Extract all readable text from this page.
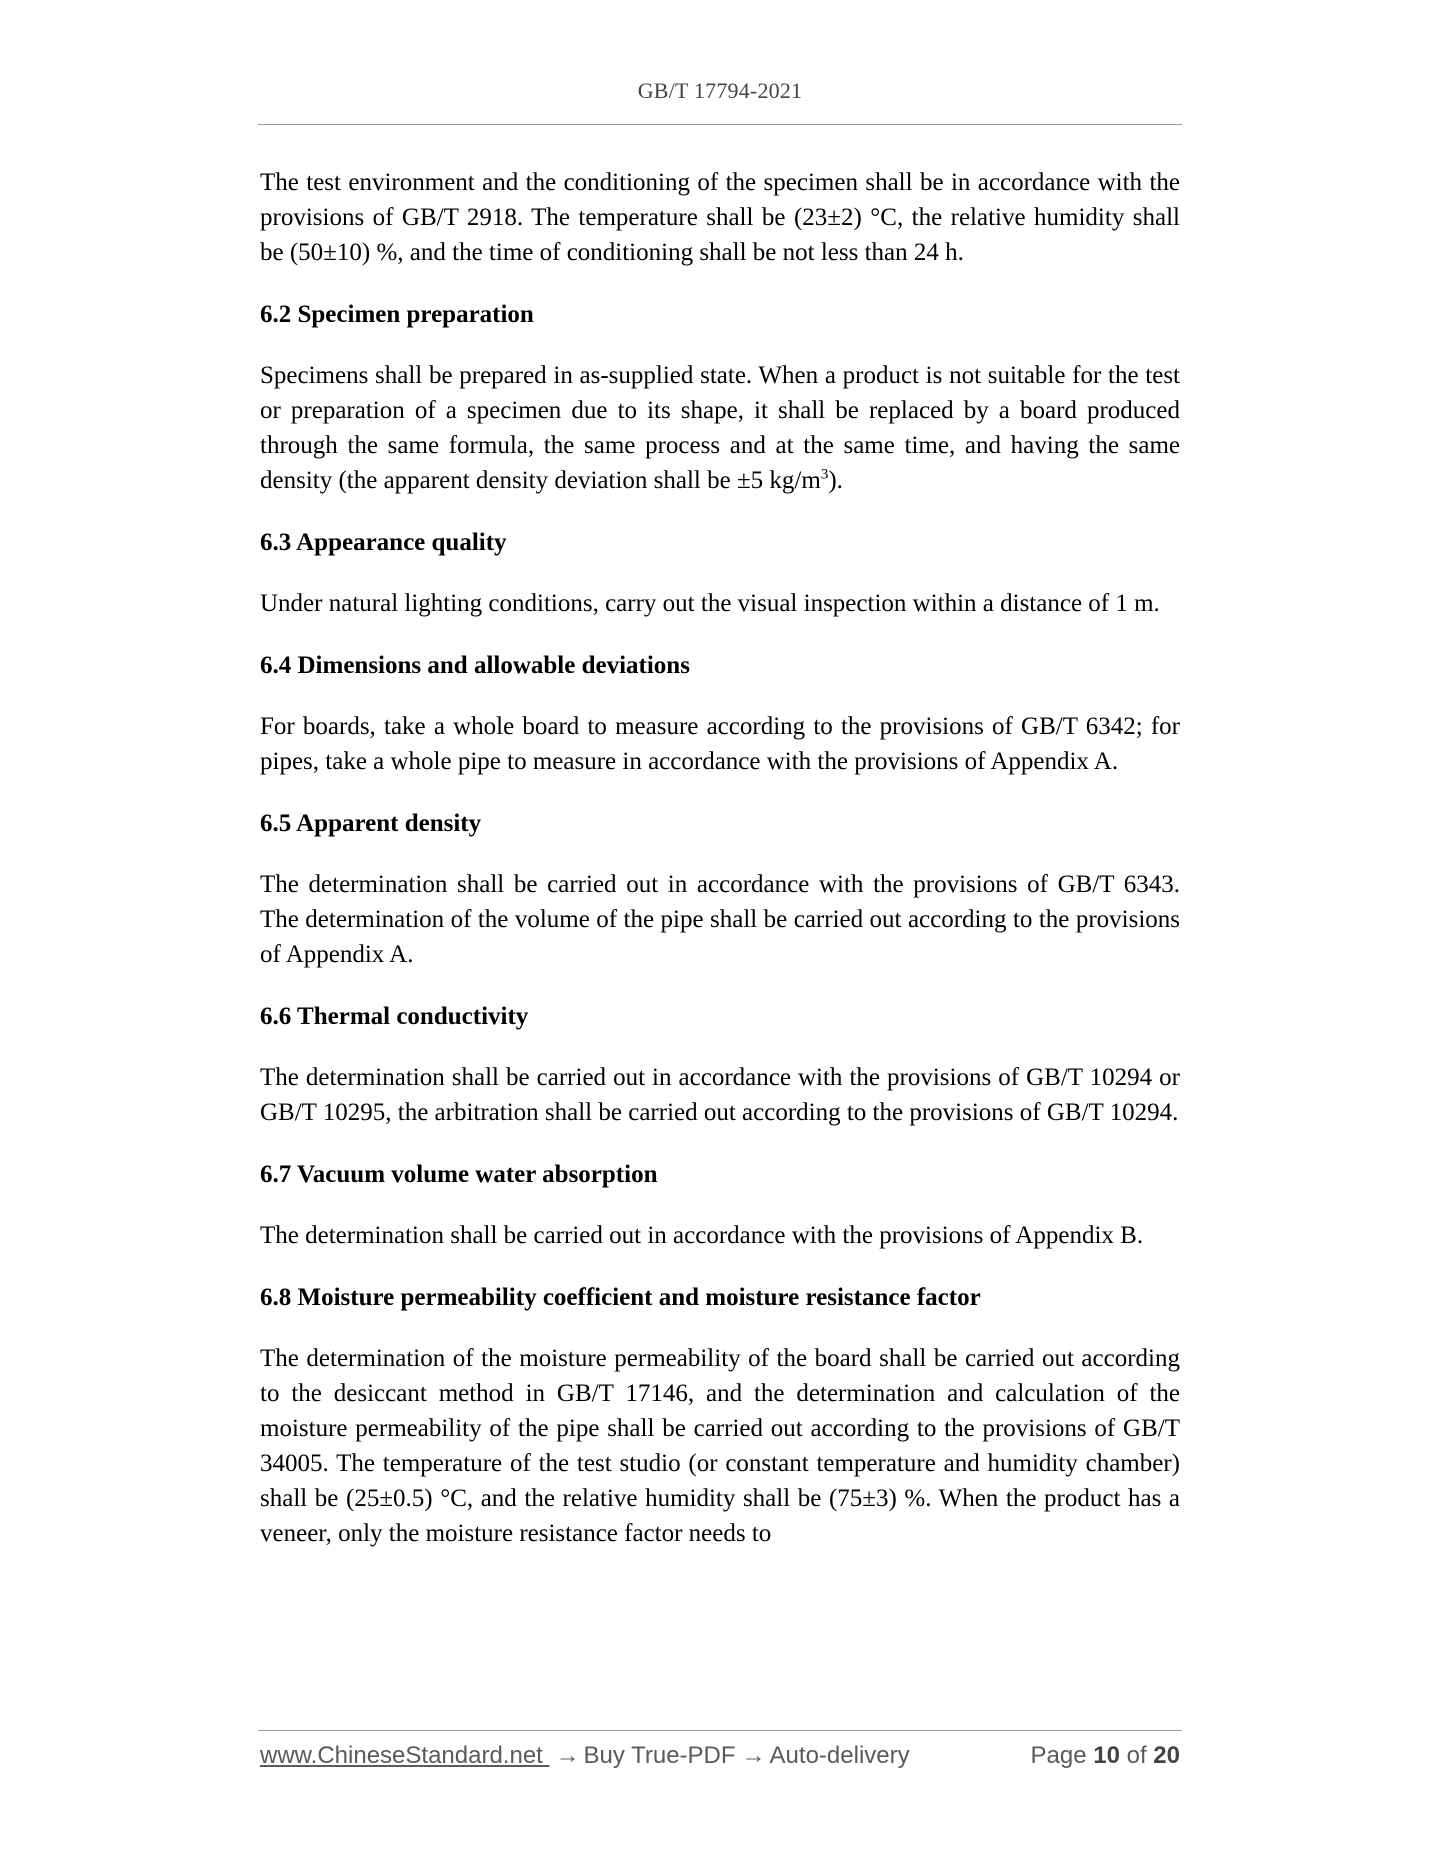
GB/T 17794-2021

The test environment and the conditioning of the specimen shall be in accordance with the provisions of GB/T 2918. The temperature shall be (23±2) °C, the relative humidity shall be (50±10) %, and the time of conditioning shall be not less than 24 h.

6.2 Specimen preparation

Specimens shall be prepared in as-supplied state. When a product is not suitable for the test or preparation of a specimen due to its shape, it shall be replaced by a board produced through the same formula, the same process and at the same time, and having the same density (the apparent density deviation shall be ±5 $kg/m^3$).

6.3 Appearance quality

Under natural lighting conditions, carry out the visual inspection within a distance of 1 m.

6.4 Dimensions and allowable deviations

For boards, take a whole board to measure according to the provisions of GB/T 6342; for pipes, take a whole pipe to measure in accordance with the provisions of Appendix A.

6.5 Apparent density

The determination shall be carried out in accordance with the provisions of GB/T 6343. The determination of the volume of the pipe shall be carried out according to the provisions of Appendix A.

6.6 Thermal conductivity

The determination shall be carried out in accordance with the provisions of GB/T 10294 or GB/T 10295, the arbitration shall be carried out according to the provisions of GB/T 10294.

6.7 Vacuum volume water absorption

The determination shall be carried out in accordance with the provisions of Appendix B.

6.8 Moisture permeability coefficient and moisture resistance factor

The determination of the moisture permeability of the board shall be carried out according to the desiccant method in GB/T 17146, and the determination and calculation of the moisture permeability of the pipe shall be carried out according to the provisions of GB/T 34005. The temperature of the test studio (or constant temperature and humidity chamber) shall be (25±0.5) °C, and the relative humidity shall be (75±3) %. When the product has a veneer, only the moisture resistance factor needs to

www.ChineseStandard.net → Buy True-PDF → Auto-delivery	Page 10 of 20
